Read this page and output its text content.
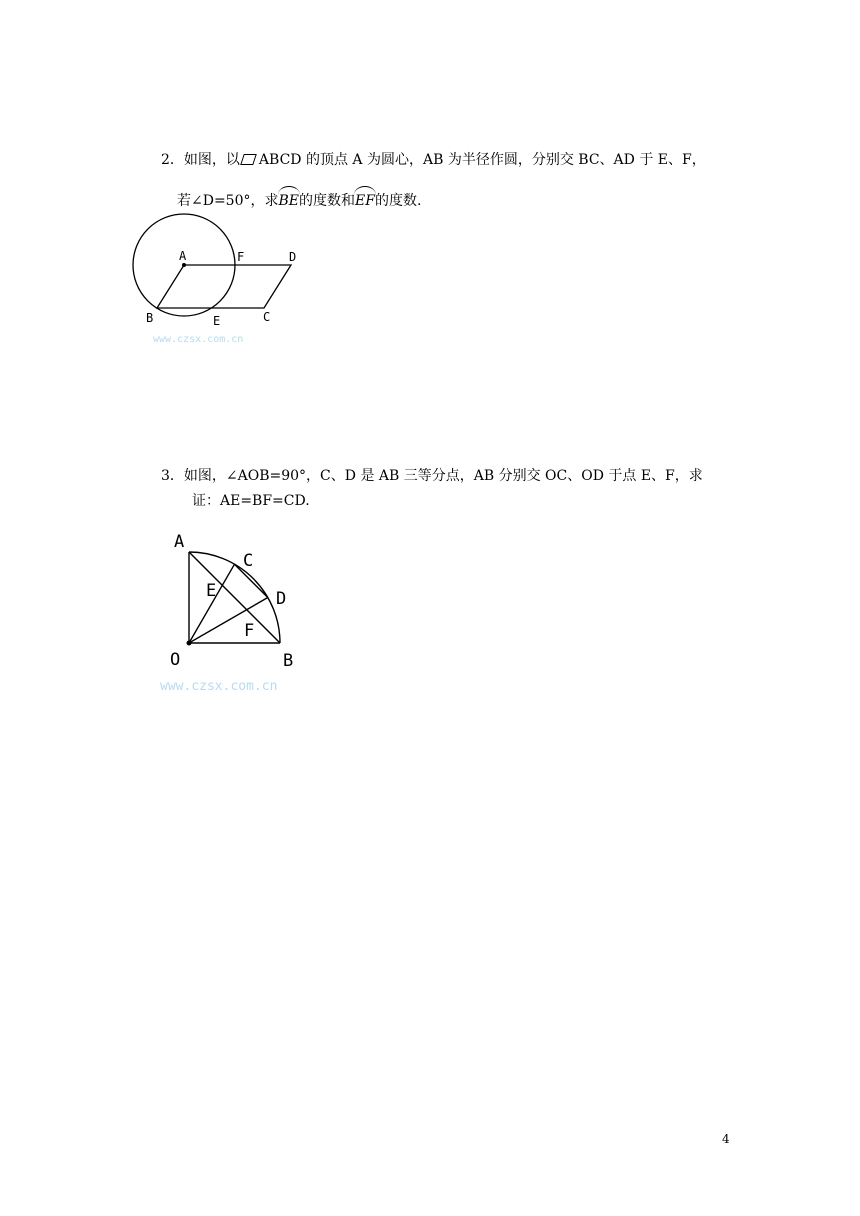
2．如图，以 ABCD 的顶点 A 为圆心，AB 为半径作圆，分别交 BC、AD 于 E、F，
若∠D=50°，求BE的度数和EF的度数.
A	F	D
B	E	C
www.czsx.com.cn
3．如图，∠AOB=90°，C、D 是 AB 三等分点，AB 分别交 OC、OD 于点 E、F，求
证：AE=BF=CD.
A
C
E	D
F
O	B
www.czsx.com.cn
4
